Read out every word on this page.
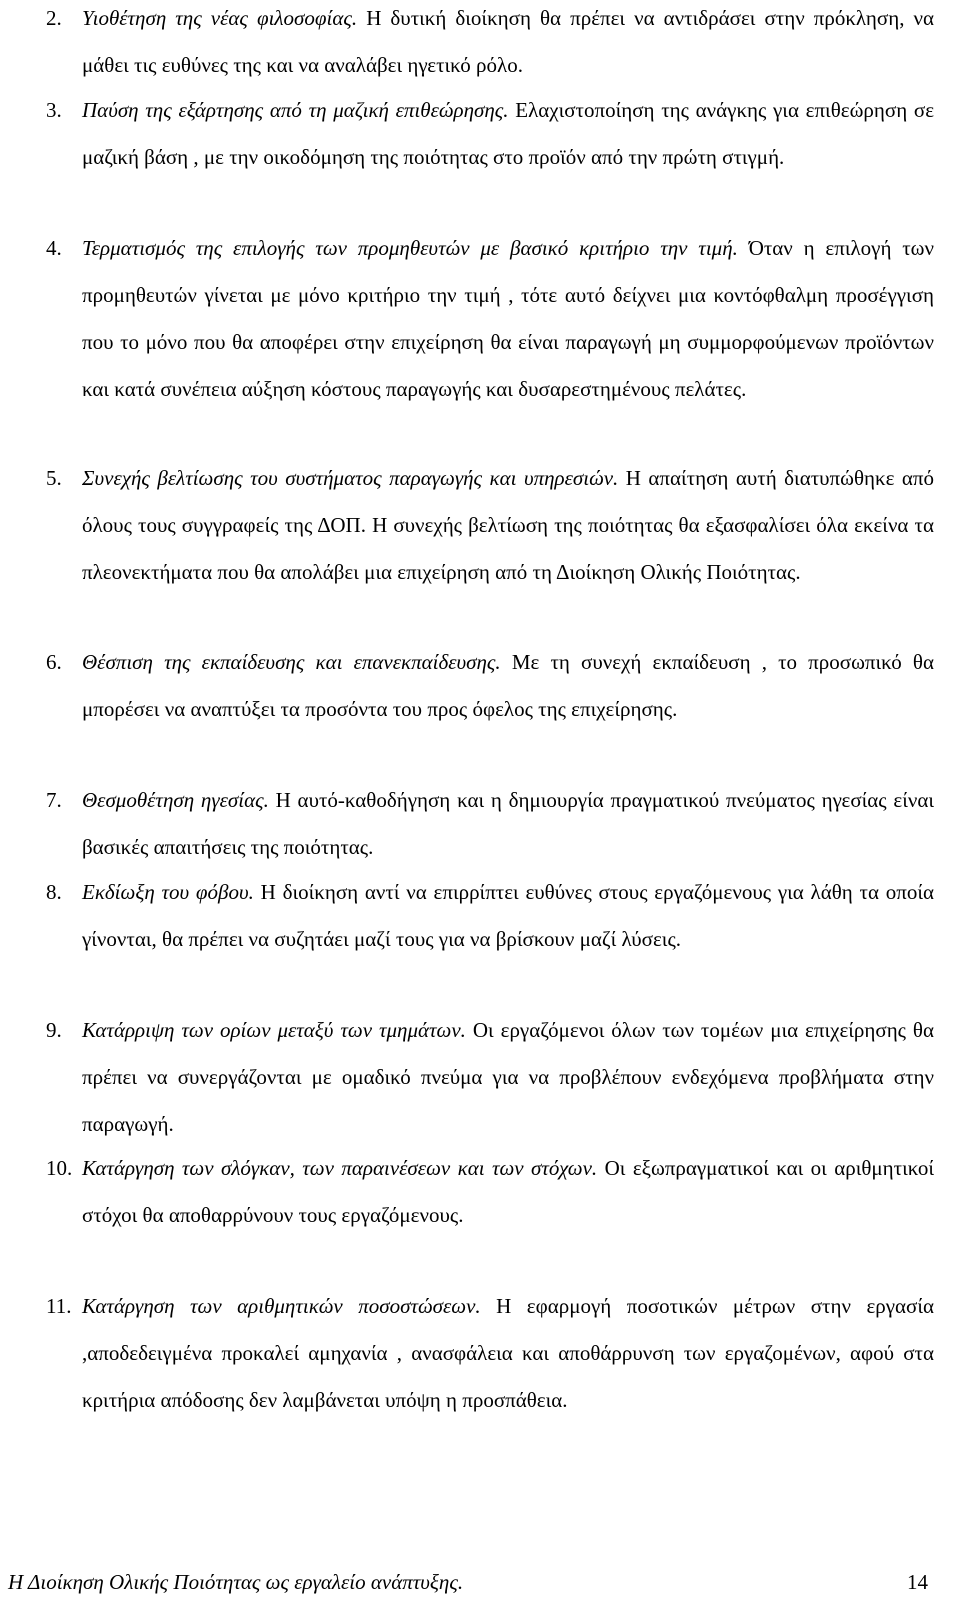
2. Υιοθέτηση της νέας φιλοσοφίας. Η δυτική διοίκηση θα πρέπει να αντιδράσει στην πρόκληση, να μάθει τις ευθύνες της και να αναλάβει ηγετικό ρόλο.
3. Παύση της εξάρτησης από τη μαζική επιθεώρησης. Ελαχιστοποίηση της ανάγκης για επιθεώρηση σε μαζική βάση , με την οικοδόμηση της ποιότητας στο προϊόν από την πρώτη στιγμή.
4. Τερματισμός της επιλογής των προμηθευτών με βασικό κριτήριο την τιμή. Όταν η επιλογή των προμηθευτών γίνεται με μόνο κριτήριο την τιμή , τότε αυτό δείχνει μια κοντόφθαλμη προσέγγιση που το μόνο που θα αποφέρει στην επιχείρηση θα είναι παραγωγή μη συμμορφούμενων προϊόντων και κατά συνέπεια αύξηση κόστους παραγωγής και δυσαρεστημένους πελάτες.
5. Συνεχής βελτίωσης του συστήματος παραγωγής και υπηρεσιών. Η απαίτηση αυτή διατυπώθηκε από όλους τους συγγραφείς της ΔΟΠ. Η συνεχής βελτίωση της ποιότητας θα εξασφαλίσει όλα εκείνα τα πλεονεκτήματα που θα απολάβει μια επιχείρηση από τη Διοίκηση Ολικής Ποιότητας.
6. Θέσπιση της εκπαίδευσης και επανεκπαίδευσης. Με τη συνεχή εκπαίδευση , το προσωπικό θα μπορέσει να αναπτύξει τα προσόντα του προς όφελος της επιχείρησης.
7. Θεσμοθέτηση ηγεσίας. Η αυτό-καθοδήγηση και η δημιουργία πραγματικού πνεύματος ηγεσίας είναι βασικές απαιτήσεις της ποιότητας.
8. Εκδίωξη του φόβου. Η διοίκηση αντί να επιρρίπτει ευθύνες στους εργαζόμενους για λάθη τα οποία γίνονται, θα πρέπει να συζητάει μαζί τους για να βρίσκουν μαζί λύσεις.
9. Κατάρριψη των ορίων μεταξύ των τμημάτων. Οι εργαζόμενοι όλων των τομέων μια επιχείρησης θα πρέπει να συνεργάζονται με ομαδικό πνεύμα για να προβλέπουν ενδεχόμενα προβλήματα στην παραγωγή.
10. Κατάργηση των σλόγκαν, των παραινέσεων και των στόχων. Οι εξωπραγματικοί και οι αριθμητικοί στόχοι θα αποθαρρύνουν τους εργαζόμενους.
11. Κατάργηση των αριθμητικών ποσοστώσεων. Η εφαρμογή ποσοτικών μέτρων στην εργασία ,αποδεδειγμένα προκαλεί αμηχανία , ανασφάλεια και αποθάρρυνση των εργαζομένων, αφού στα κριτήρια απόδοσης δεν λαμβάνεται υπόψη η προσπάθεια.
Η Διοίκηση Ολικής Ποιότητας ως εργαλείο ανάπτυξης.	14
